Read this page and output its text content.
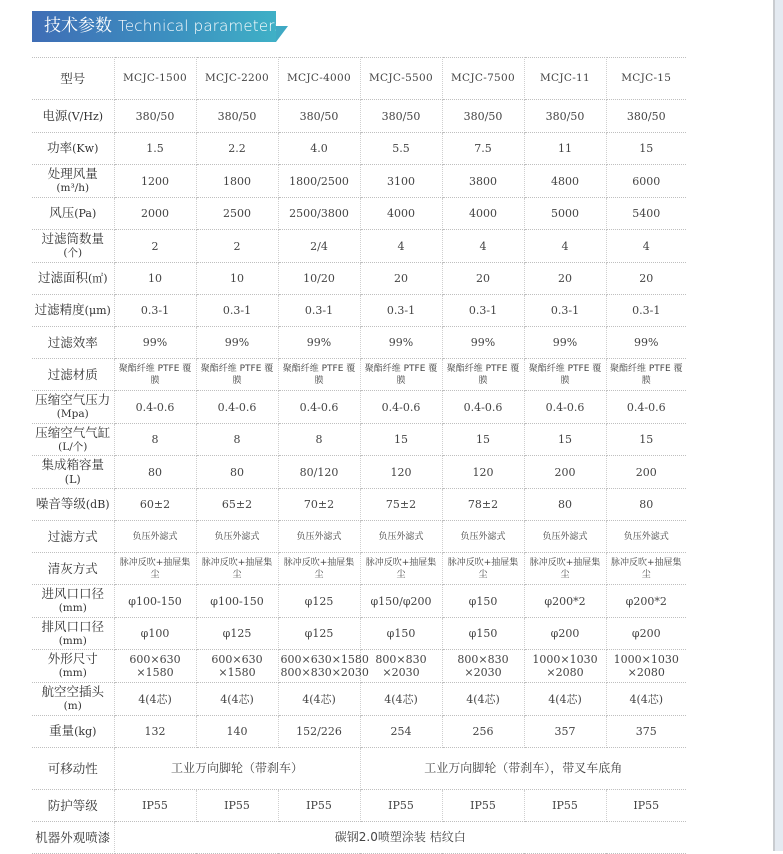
技术参数 Technical parameters
型号	MCJC-1500	MCJC-2200	MCJC-4000	MCJC-5500	MCJC-7500	MCJC-11	MCJC-15
电源(V/Hz)	380/50	380/50	380/50	380/50	380/50	380/50	380/50
功率(Kw)	1.5	2.2	4.0	5.5	7.5	11	15
处理风量
(m³/h)	1200	1800	1800/2500	3100	3800	4800	6000
风压(Pa)	2000	2500	2500/3800	4000	4000	5000	5400
过滤筒数量
(个)	2	2	2/4	4	4	4	4
过滤面积(㎡)	10	10	10/20	20	20	20	20
过滤精度(μm)	0.3-1	0.3-1	0.3-1	0.3-1	0.3-1	0.3-1	0.3-1
过滤效率	99%	99%	99%	99%	99%	99%	99%
过滤材质	聚酯纤维 PTFE 覆膜	聚酯纤维 PTFE 覆膜	聚酯纤维 PTFE 覆膜	聚酯纤维 PTFE 覆膜	聚酯纤维 PTFE 覆膜	聚酯纤维 PTFE 覆膜	聚酯纤维 PTFE 覆膜
压缩空气压力
(Mpa)	0.4-0.6	0.4-0.6	0.4-0.6	0.4-0.6	0.4-0.6	0.4-0.6	0.4-0.6
压缩空气气缸
(L/个)	8	8	8	15	15	15	15
集成箱容量(L)	80	80	80/120	120	120	200	200
噪音等级(dB)	60±2	65±2	70±2	75±2	78±2	80	80
过滤方式	负压外滤式	负压外滤式	负压外滤式	负压外滤式	负压外滤式	负压外滤式	负压外滤式
清灰方式	脉冲反吹+抽屉集尘	脉冲反吹+抽屉集尘	脉冲反吹+抽屉集尘	脉冲反吹+抽屉集尘	脉冲反吹+抽屉集尘	脉冲反吹+抽屉集尘	脉冲反吹+抽屉集尘
进风口口径
(mm)	φ100-150	φ100-150	φ125	φ150/φ200	φ150	φ200*2	φ200*2
排风口口径
(mm)	φ100	φ125	φ125	φ150	φ150	φ200	φ200
外形尺寸
(mm)	600×630 ×1580	600×630 ×1580	600×630×1580 800×830×2030	800×830 ×2030	800×830 ×2030	1000×1030 ×2080	1000×1030 ×2080
航空空插头
(m)	4(4芯)	4(4芯)	4(4芯)	4(4芯)	4(4芯)	4(4芯)	4(4芯)
重量(kg)	132	140	152/226	254	256	357	375
可移动性	工业万向脚轮（带刹车）			工业万向脚轮（带刹车），带叉车底角			
防护等级	IP55	IP55	IP55	IP55	IP55	IP55	IP55
机器外观喷漆	碳钢2.0喷塑涂装 桔纹白						
